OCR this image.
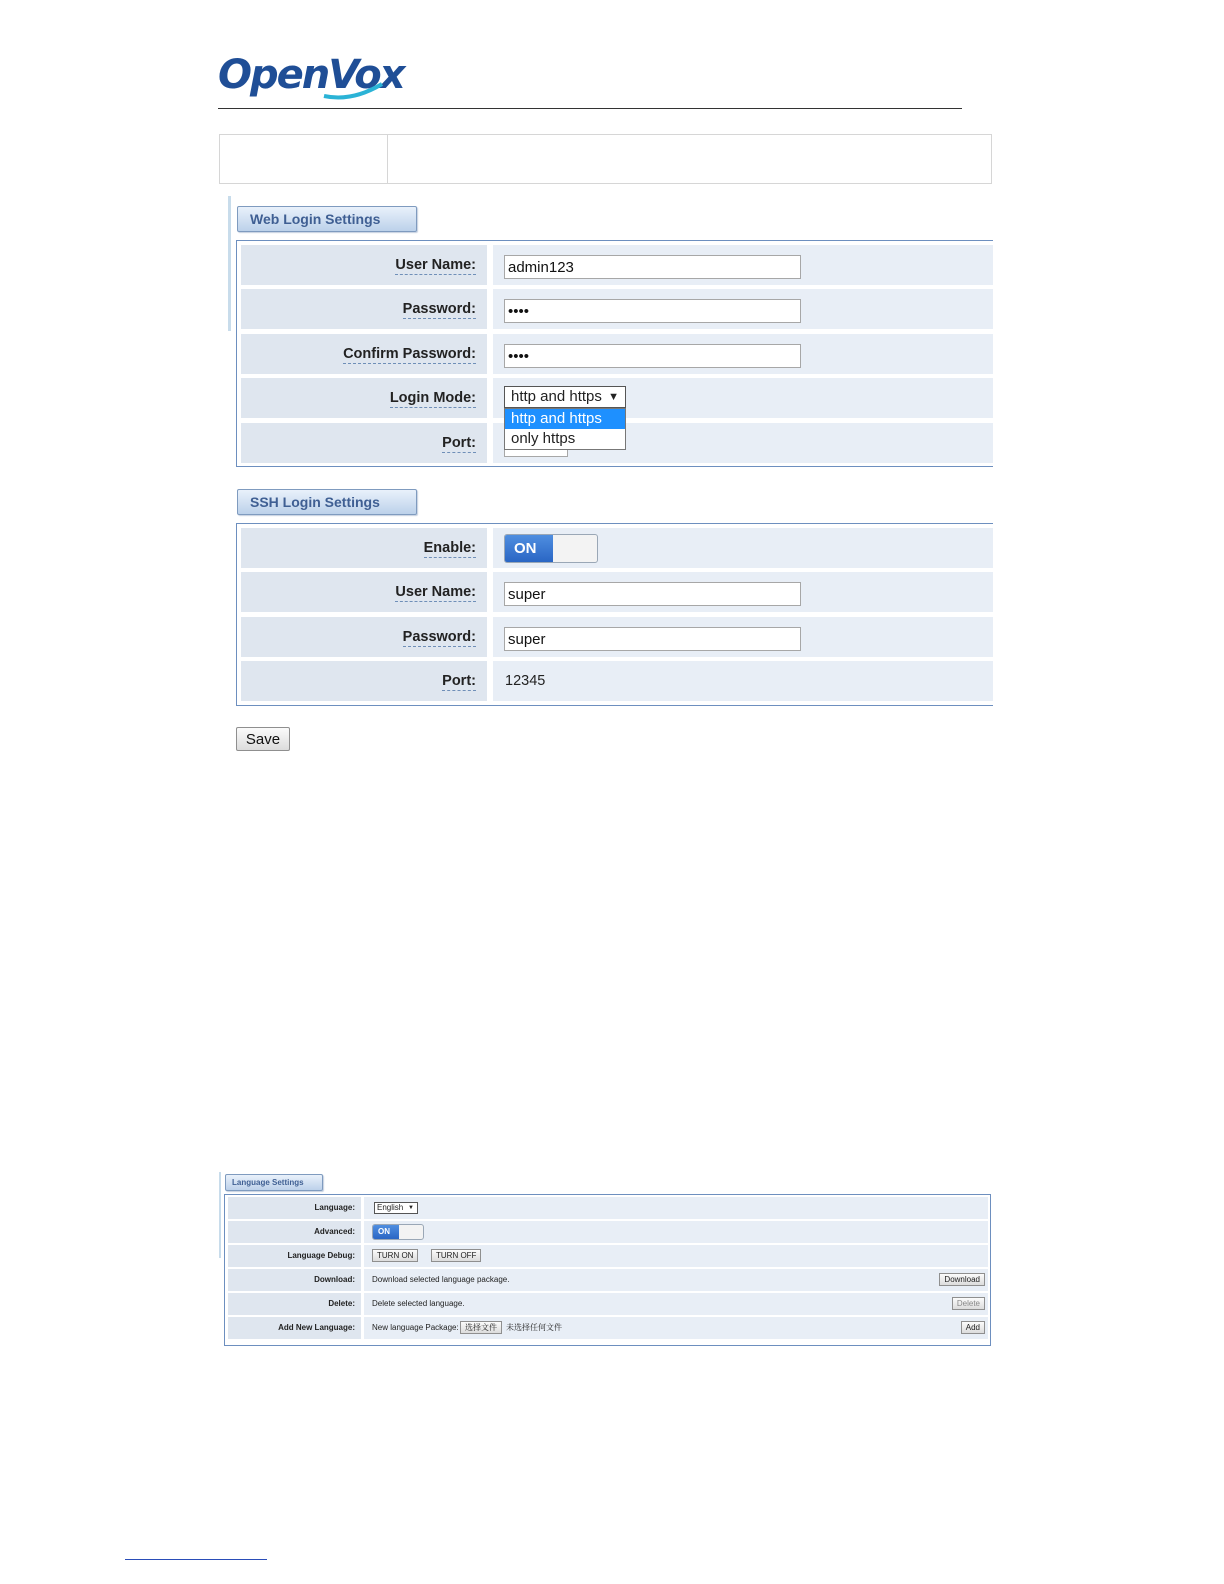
OpenVox
Web Login Settings
User Name:
admin123
Password:
••••
Confirm Password:
••••
Login Mode:	http and https ▼
Port:
http and https
only https
SSH Login Settings
Enable:	ON
User Name:
super
Password:
super
Port:	12345
Save
Language Settings
Language:	English ▼
Advanced:	ON
Language Debug:	TURN ON	TURN OFF
Download:	Download selected language package.	Download
Delete:	Delete selected language.	Delete
Add New Language:	New language Package: 选择文件	未选择任何文件	Add
